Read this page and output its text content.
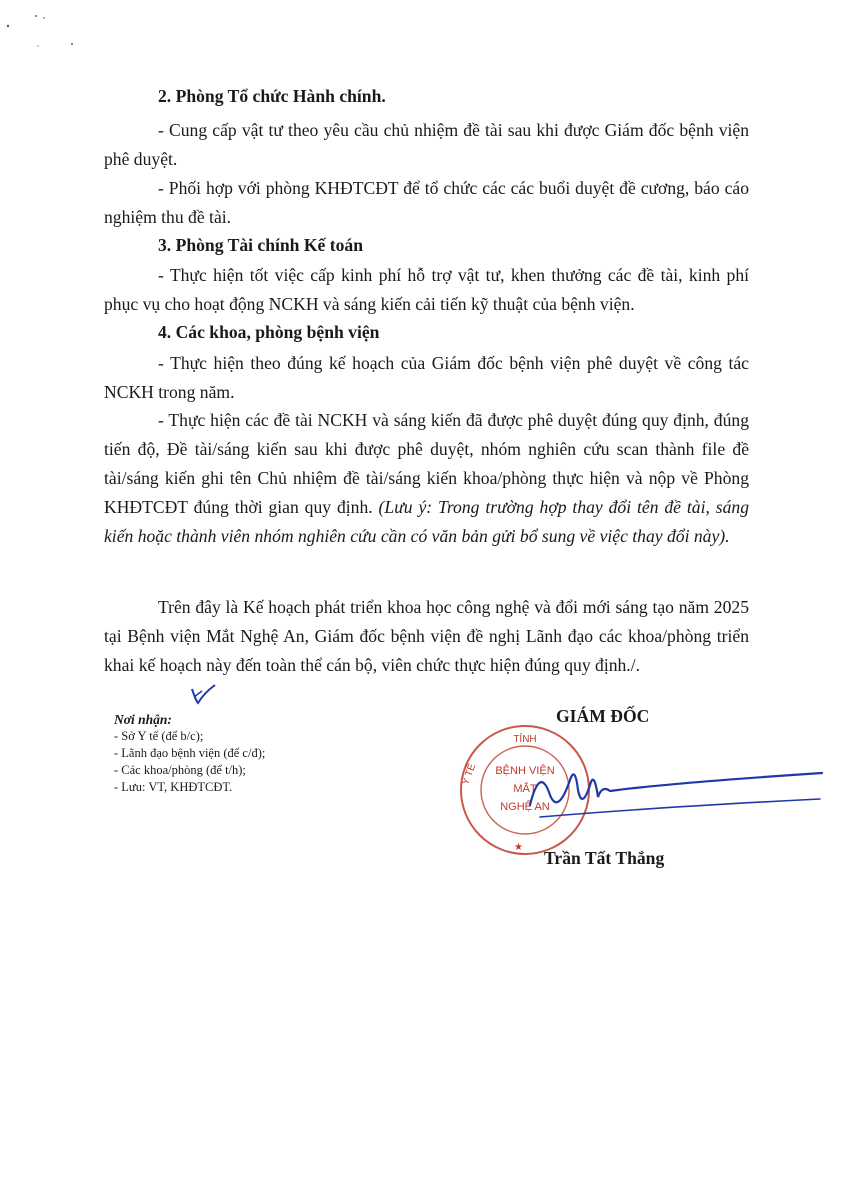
2. Phòng Tổ chức Hành chính.
- Cung cấp vật tư theo yêu cầu chủ nhiệm đề tài sau khi được Giám đốc bệnh viện phê duyệt.
- Phối hợp với phòng KHĐTCĐT để tổ chức các các buổi duyệt đề cương, báo cáo nghiệm thu đề tài.
3. Phòng Tài chính Kế toán
- Thực hiện tốt việc cấp kinh phí hỗ trợ vật tư, khen thưởng các đề tài, kinh phí phục vụ cho hoạt động NCKH và sáng kiến cải tiến kỹ thuật của bệnh viện.
4. Các khoa, phòng bệnh viện
- Thực hiện theo đúng kế hoạch của Giám đốc bệnh viện phê duyệt về công tác NCKH trong năm.
- Thực hiện các đề tài NCKH và sáng kiến đã được phê duyệt đúng quy định, đúng tiến độ, Đề tài/sáng kiến sau khi được phê duyệt, nhóm nghiên cứu scan thành file đề tài/sáng kiến ghi tên Chủ nhiệm đề tài/sáng kiến khoa/phòng thực hiện và nộp về Phòng KHĐTCĐT đúng thời gian quy định. (Lưu ý: Trong trường hợp thay đổi tên đề tài, sáng kiến hoặc thành viên nhóm nghiên cứu cần có văn bản gửi bổ sung về việc thay đổi này).
Trên đây là Kế hoạch phát triển khoa học công nghệ và đổi mới sáng tạo năm 2025 tại Bệnh viện Mắt Nghệ An, Giám đốc bệnh viện đề nghị Lãnh đạo các khoa/phòng triển khai kế hoạch này đến toàn thể cán bộ, viên chức thực hiện đúng quy định./.
Nơi nhận:
- Sở Y tế (để b/c);
- Lãnh đạo bệnh viện (để c/đ);
- Các khoa/phòng (để t/h);
- Lưu: VT, KHĐTCĐT.
GIÁM ĐỐC
TỈNH
Y TẾ BỆNH VIỆN
MẮT
NGHỆ AN
★
Trần Tất Thắng
